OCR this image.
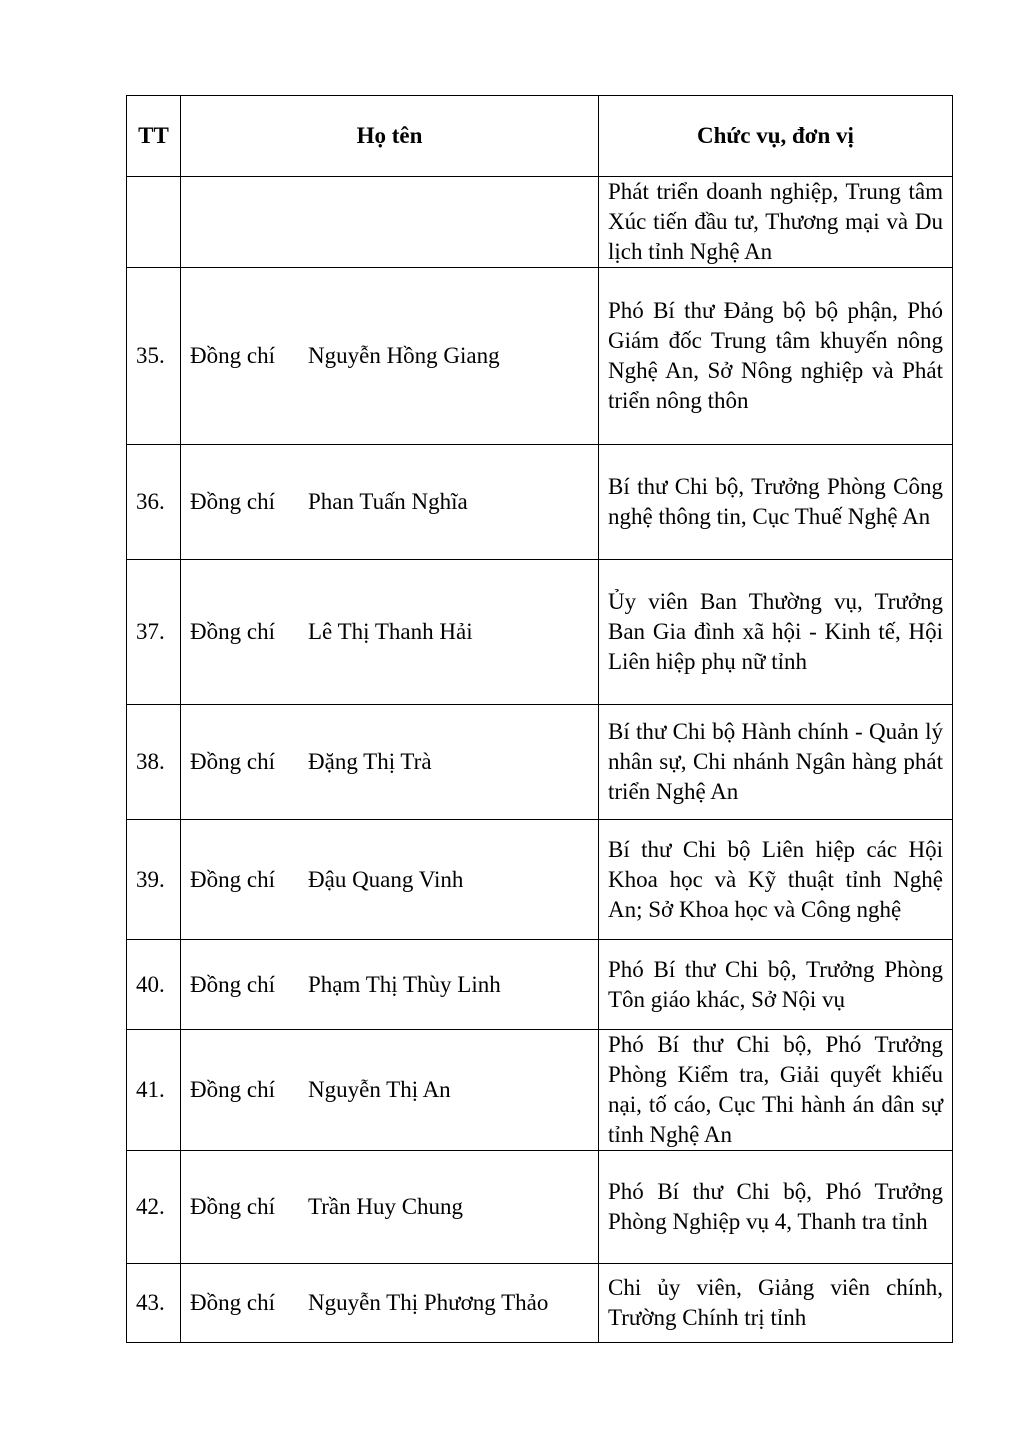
TT	Họ tên	Chức vụ, đơn vị
		Phát triển doanh nghiệp, Trung tâm Xúc tiến đầu tư, Thương mại và Du lịch tỉnh Nghệ An
35.	Đồng chí Nguyễn Hồng Giang	Phó Bí thư Đảng bộ bộ phận, Phó Giám đốc Trung tâm khuyến nông Nghệ An, Sở Nông nghiệp và Phát triển nông thôn
36.	Đồng chí Phan Tuấn Nghĩa	Bí thư Chi bộ, Trưởng Phòng Công nghệ thông tin, Cục Thuế Nghệ An
37.	Đồng chí Lê Thị Thanh Hải	Ủy viên Ban Thường vụ, Trưởng Ban Gia đình xã hội - Kinh tế, Hội Liên hiệp phụ nữ tỉnh
38.	Đồng chí Đặng Thị Trà	Bí thư Chi bộ Hành chính - Quản lý nhân sự, Chi nhánh Ngân hàng phát triển Nghệ An
39.	Đồng chí Đậu Quang Vinh	Bí thư Chi bộ Liên hiệp các Hội Khoa học và Kỹ thuật tỉnh Nghệ An; Sở Khoa học và Công nghệ
40.	Đồng chí Phạm Thị Thùy Linh	Phó Bí thư Chi bộ, Trưởng Phòng Tôn giáo khác, Sở Nội vụ
41.	Đồng chí Nguyễn Thị An	Phó Bí thư Chi bộ, Phó Trưởng Phòng Kiểm tra, Giải quyết khiếu nại, tố cáo, Cục Thi hành án dân sự tỉnh Nghệ An
42.	Đồng chí Trần Huy Chung	Phó Bí thư Chi bộ, Phó Trưởng Phòng Nghiệp vụ 4, Thanh tra tỉnh
43.	Đồng chí Nguyễn Thị Phương Thảo	Chi ủy viên, Giảng viên chính, Trường Chính trị tỉnh
